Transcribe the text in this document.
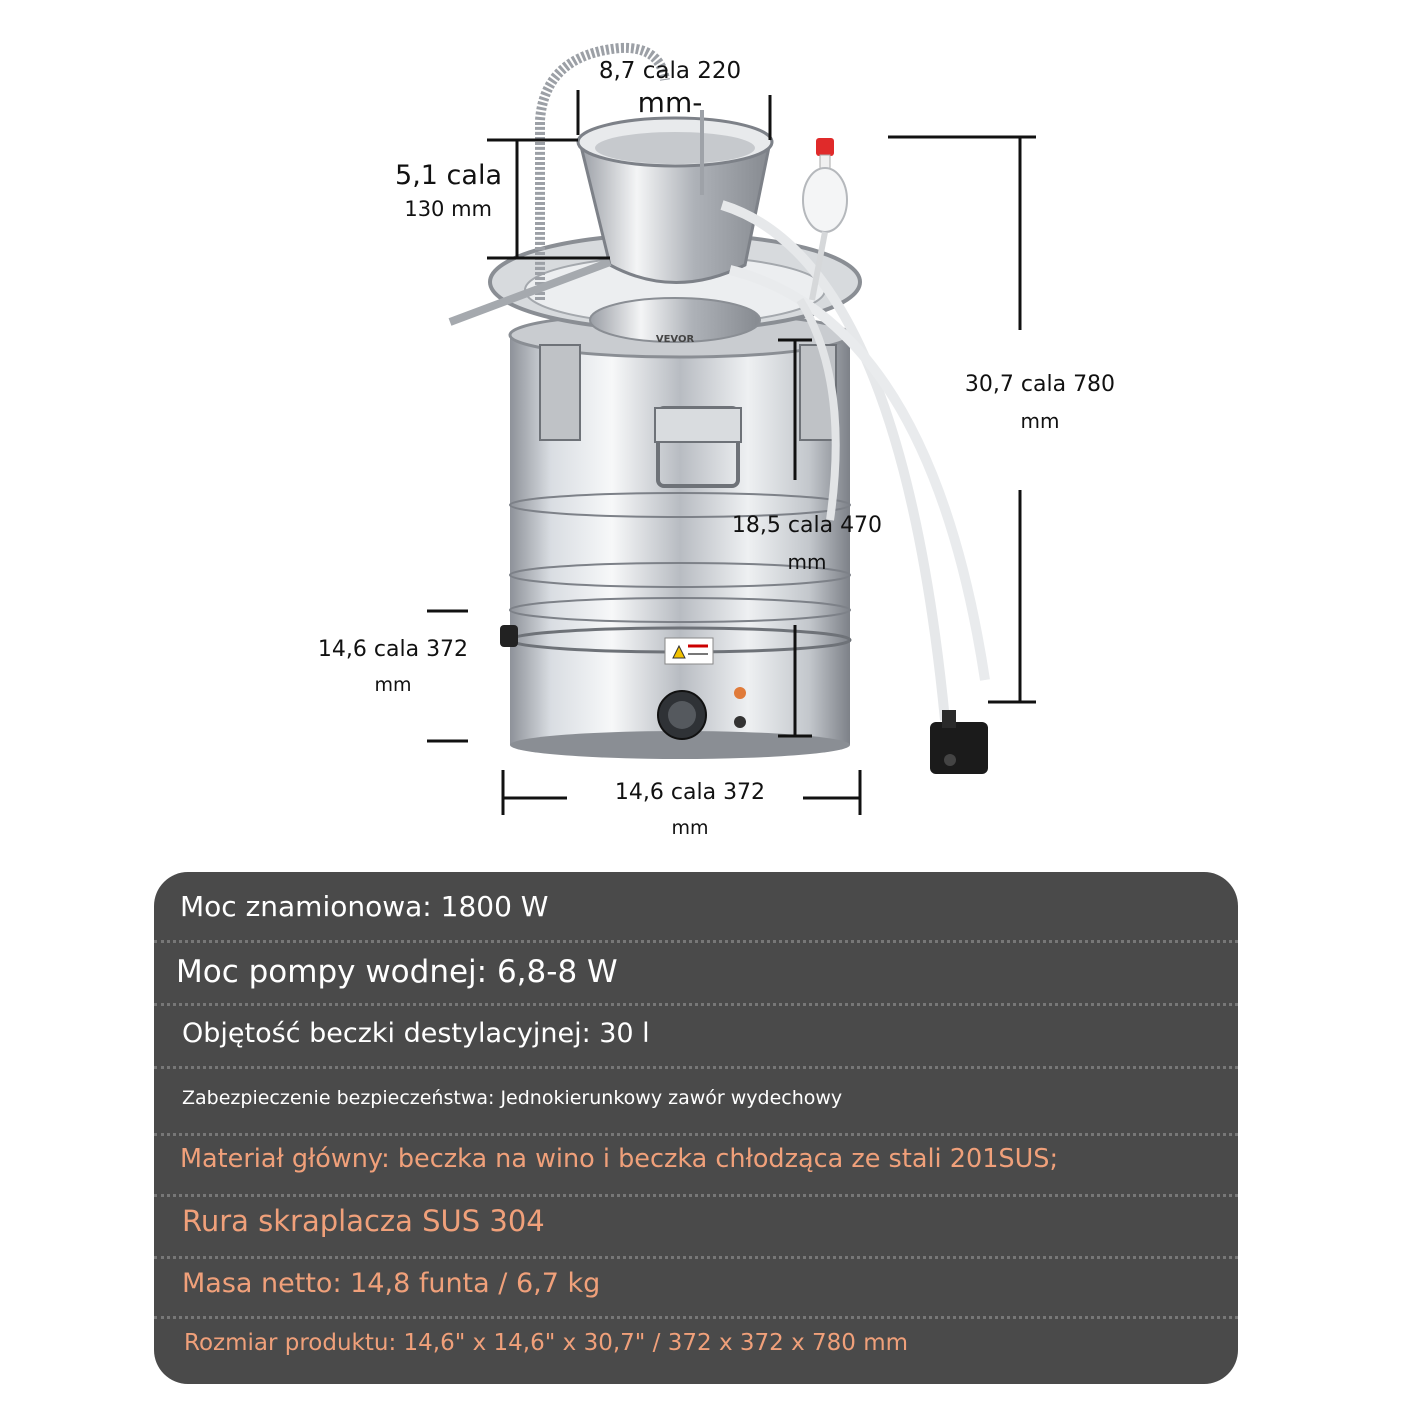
VEVOR
8,7 cala 220
mm-
5,1 cala
130 mm
30,7 cala 780
mm
18,5 cala 470
mm
14,6 cala 372
mm
14,6 cala 372
mm
Moc znamionowa: 1800 W
Moc pompy wodnej: 6,8-8 W
Objętość beczki destylacyjnej: 30 l
Zabezpieczenie bezpieczeństwa: Jednokierunkowy zawór wydechowy
Materiał główny: beczka na wino i beczka chłodząca ze stali 201SUS;
Rura skraplacza SUS 304
Masa netto: 14,8 funta / 6,7 kg
Rozmiar produktu: 14,6" x 14,6" x 30,7" / 372 x 372 x 780 mm
